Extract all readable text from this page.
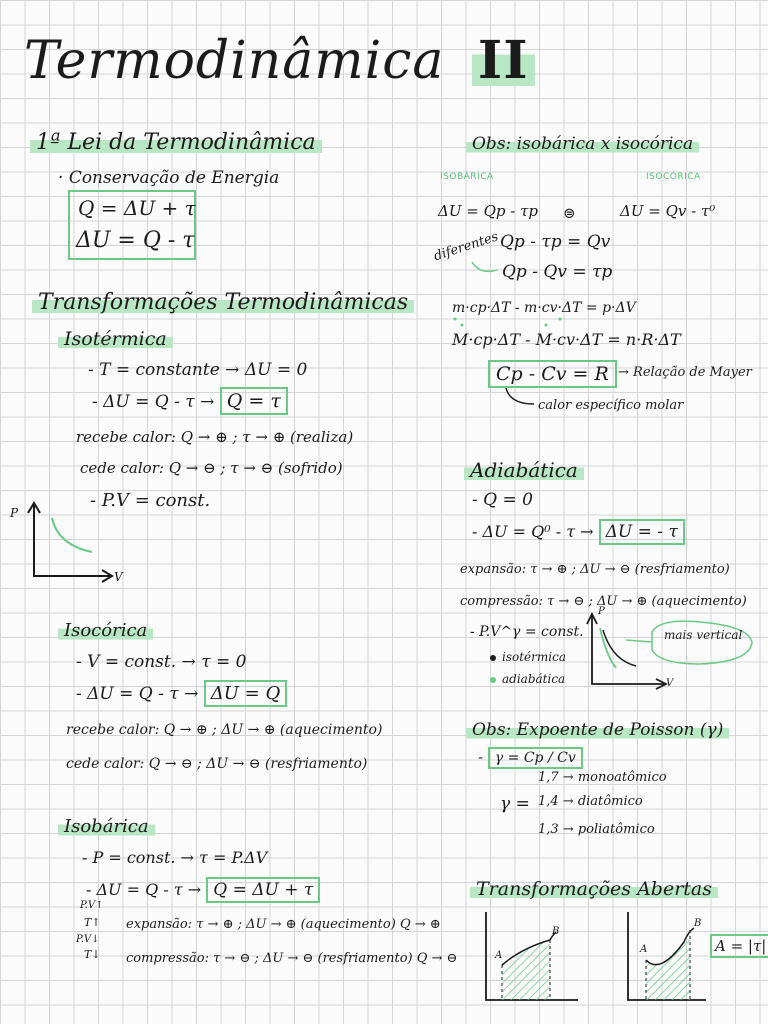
Termodinâmica II
1ª Lei da Termodinâmica
· Conservação de Energia
Q = ΔU + τ
ΔU = Q - τ
Transformações Termodinâmicas
Isotérmica
- T = constante → ΔU = 0
- ΔU = Q - τ → Q = τ
recebe calor: Q → ⊕ ; τ → ⊕ (realiza)
cede calor: Q → ⊖ ; τ → ⊖ (sofrido)
- P.V = const.
P
V
Isocórica
- V = const. → τ = 0
- ΔU = Q - τ → ΔU = Q
recebe calor: Q → ⊕ ; ΔU → ⊕ (aquecimento)
cede calor: Q → ⊖ ; ΔU → ⊖ (resfriamento)
Isobárica
- P = const. → τ = P.ΔV
- ΔU = Q - τ → Q = ΔU + τ
P.V↑
T↑
P.V↓
T↓
expansão: τ → ⊕ ; ΔU → ⊕ (aquecimento) Q → ⊕
compressão: τ → ⊖ ; ΔU → ⊖ (resfriamento) Q → ⊖
Obs: isobárica x isocórica
ISOBÁRICA	ISOCÓRICA
ΔU = Qp - τp ⊜	ΔU = Qv - τ⁰
diferentes Qp - τp = Qv
Qp - Qv = τp
m·cp·ΔT - m·cv·ΔT = p·ΔV
M·cp·ΔT - M·cv·ΔT = n·R·ΔT
Cp - Cv = R → Relação de Mayer
calor específico molar
Adiabática
- Q = 0
- ΔU = Q⁰ - τ → ΔU = - τ
expansão: τ → ⊕ ; ΔU → ⊖ (resfriamento)
compressão: τ → ⊖ ; ΔU → ⊕ (aquecimento)
- P.V^γ = const.
isotérmica
adiabática
P
V
mais vertical
Obs: Expoente de Poisson (γ)
- γ = Cp / Cv
γ =
1,7 → monoatômico
1,4 → diatômico
1,3 → poliatômico
Transformações Abertas
A
B
A
B
A = |τ|
